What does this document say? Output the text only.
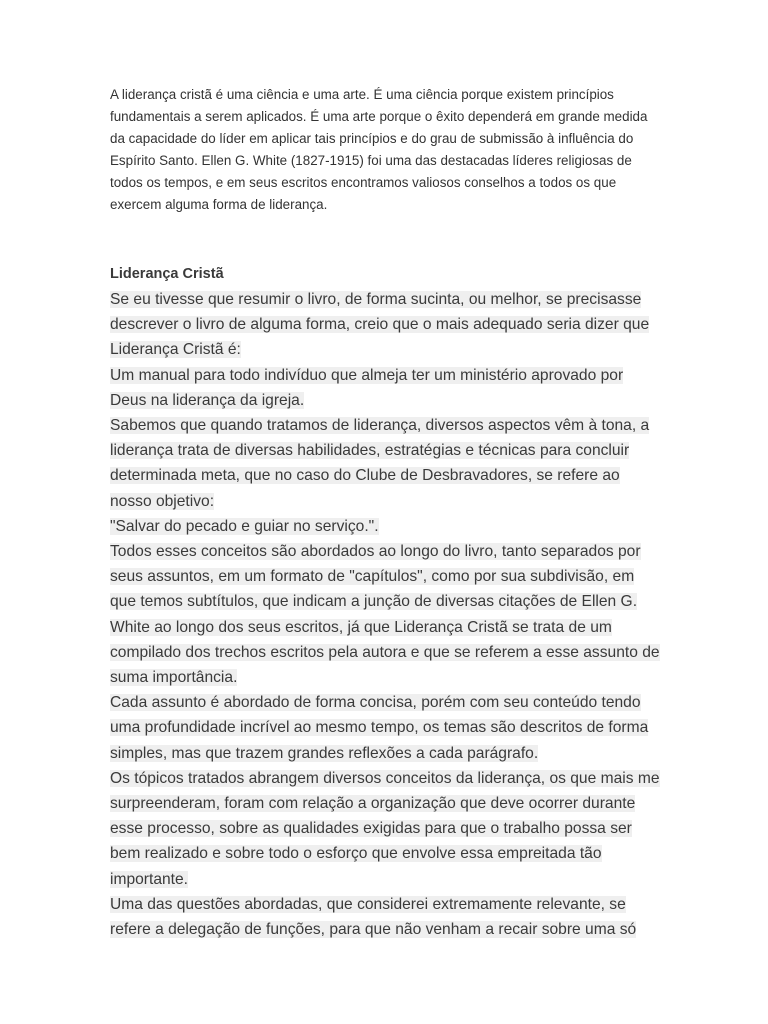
A liderança cristã é uma ciência e uma arte. É uma ciência porque existem princípios fundamentais a serem aplicados. É uma arte porque o êxito dependerá em grande medida da capacidade do líder em aplicar tais princípios e do grau de submissão à influência do Espírito Santo. Ellen G. White (1827-1915) foi uma das destacadas líderes religiosas de todos os tempos, e em seus escritos encontramos valiosos conselhos a todos os que exercem alguma forma de liderança.

Liderança Cristã
Se eu tivesse que resumir o livro, de forma sucinta, ou melhor, se precisasse descrever o livro de alguma forma, creio que o mais adequado seria dizer que Liderança Cristã é:
Um manual para todo indivíduo que almeja ter um ministério aprovado por Deus na liderança da igreja.
Sabemos que quando tratamos de liderança, diversos aspectos vêm à tona, a liderança trata de diversas habilidades, estratégias e técnicas para concluir determinada meta, que no caso do Clube de Desbravadores, se refere ao nosso objetivo:
"Salvar do pecado e guiar no serviço.".
Todos esses conceitos são abordados ao longo do livro, tanto separados por seus assuntos, em um formato de "capítulos", como por sua subdivisão, em que temos subtítulos, que indicam a junção de diversas citações de Ellen G. White ao longo dos seus escritos, já que Liderança Cristã se trata de um compilado dos trechos escritos pela autora e que se referem a esse assunto de suma importância.
Cada assunto é abordado de forma concisa, porém com seu conteúdo tendo uma profundidade incrível ao mesmo tempo, os temas são descritos de forma simples, mas que trazem grandes reflexões a cada parágrafo.
Os tópicos tratados abrangem diversos conceitos da liderança, os que mais me surpreenderam, foram com relação a organização que deve ocorrer durante esse processo, sobre as qualidades exigidas para que o trabalho possa ser bem realizado e sobre todo o esforço que envolve essa empreitada tão importante.
Uma das questões abordadas, que considerei extremamente relevante, se refere a delegação de funções, para que não venham a recair sobre uma só
